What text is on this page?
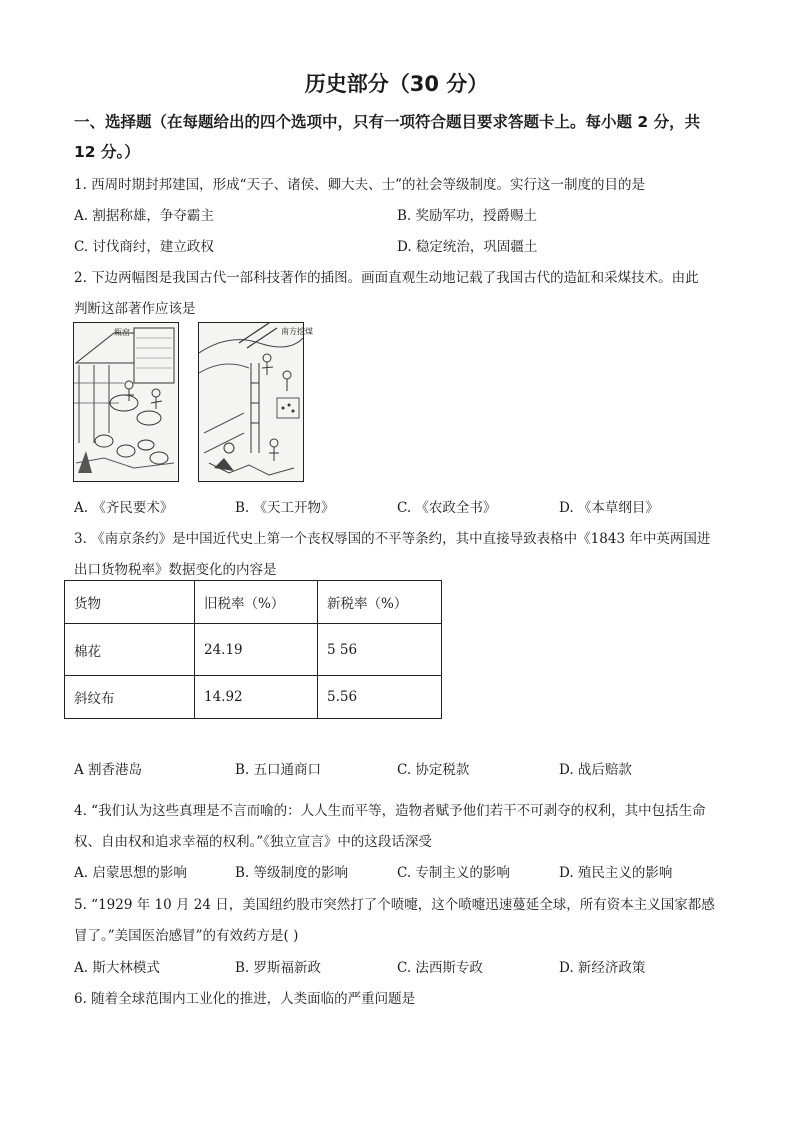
历史部分（30 分）
一、选择题（在每题给出的四个选项中，只有一项符合题目要求答题卡上。每小题 2 分，共
12 分。）
1. 西周时期封邦建国，形成“天子、诸侯、卿大夫、士”的社会等级制度。实行这一制度的目的是
A. 割据称雄，争夺霸主	B. 奖励军功，授爵赐土
C. 讨伐商纣，建立政权	D. 稳定统治，巩固疆土
2. 下边两幅图是我国古代一部科技著作的插图。画面直观生动地记载了我国古代的造缸和采煤技术。由此
判断这部著作应该是
瓶窑	南方挖煤
A. 《齐民要术》	B. 《天工开物》	C. 《农政全书》	D. 《本草纲目》
3. 《南京条约》是中国近代史上第一个丧权辱国的不平等条约，其中直接导致表格中《1843 年中英两国进
出口货物税率》数据变化的内容是
货物	旧税率（%）	新税率（%）
棉花	24.19	5 56
斜纹布	14.92	5.56
A 割香港岛	B. 五口通商口	C. 协定税款	D. 战后赔款
4. “我们认为这些真理是不言而喻的：人人生而平等，造物者赋予他们若干不可剥夺的权利，其中包括生命
权、自由权和追求幸福的权利。”《独立宣言》中的这段话深受
A. 启蒙思想的影响	B. 等级制度的影响	C. 专制主义的影响	D. 殖民主义的影响
5. “1929 年 10 月 24 日，美国纽约股市突然打了个喷嚏，这个喷嚏迅速蔓延全球，所有资本主义国家都感
冒了。”美国医治感冒”的有效药方是( )
A. 斯大林模式	B. 罗斯福新政	C. 法西斯专政	D. 新经济政策
6. 随着全球范围内工业化的推进，人类面临的严重问题是
